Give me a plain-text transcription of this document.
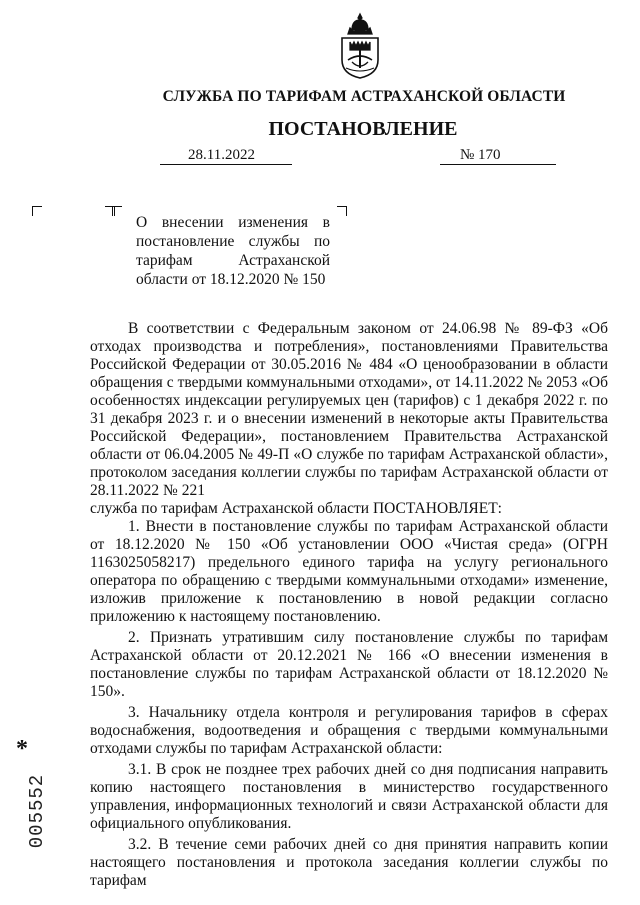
СЛУЖБА ПО ТАРИФАМ АСТРАХАНСКОЙ ОБЛАСТИ
ПОСТАНОВЛЕНИЕ
28.11.2022	№ 170
О внесении изменения в
постановление службы по
тарифам Астраханской
области от 18.12.2020 № 150

В соответствии с Федеральным законом от 24.06.98 № 89-ФЗ «Об отходах производства и потребления», постановлениями Правительства Российской Федерации от 30.05.2016 № 484 «О ценообразовании в области обращения с твердыми коммунальными отходами», от 14.11.2022 № 2053 «Об особенностях индексации регулируемых цен (тарифов) с 1 декабря 2022 г. по 31 декабря 2023 г. и о внесении изменений в некоторые акты Правительства Российской Федерации», постановлением Правительства Астраханской области от 06.04.2005 № 49-П «О службе по тарифам Астраханской области», протоколом заседания коллегии службы по тарифам Астраханской области от 28.11.2022 № 221

служба по тарифам Астраханской области ПОСТАНОВЛЯЕТ:

1. Внести в постановление службы по тарифам Астраханской области от 18.12.2020 № 150 «Об установлении ООО «Чистая среда» (ОГРН 1163025058217) предельного единого тарифа на услугу регионального оператора по обращению с твердыми коммунальными отходами» изменение, изложив приложение к постановлению в новой редакции согласно приложению к настоящему постановлению.

2. Признать утратившим силу постановление службы по тарифам Астраханской области от 20.12.2021 № 166 «О внесении изменения в постановление службы по тарифам Астраханской области от 18.12.2020 № 150».

3. Начальнику отдела контроля и регулирования тарифов в сферах водоснабжения, водоотведения и обращения с твердыми коммунальными отходами службы по тарифам Астраханской области:

3.1. В срок не позднее трех рабочих дней со дня подписания направить копию настоящего постановления в министерство государственного управления, информационных технологий и связи Астраханской области для официального опубликования.

3.2. В течение семи рабочих дней со дня принятия направить копии настоящего постановления и протокола заседания коллегии службы по тарифам

*
005552
